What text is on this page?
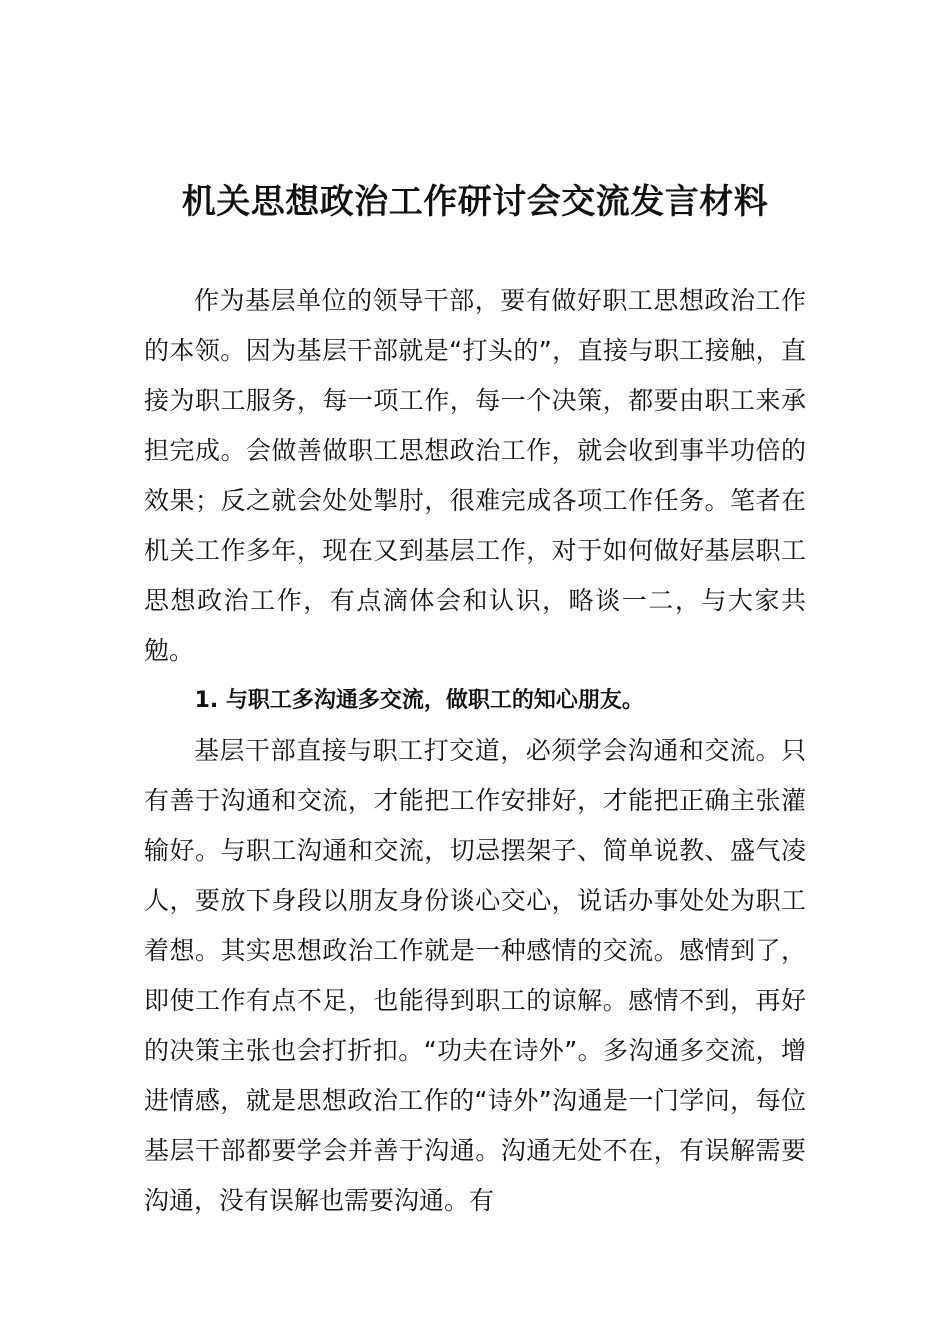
机关思想政治工作研讨会交流发言材料

作为基层单位的领导干部，要有做好职工思想政治工作的本领。因为基层干部就是“打头的”，直接与职工接触，直接为职工服务，每一项工作，每一个决策，都要由职工来承担完成。会做善做职工思想政治工作，就会收到事半功倍的效果；反之就会处处掣肘，很难完成各项工作任务。笔者在机关工作多年，现在又到基层工作，对于如何做好基层职工思想政治工作，有点滴体会和认识，略谈一二，与大家共勉。

1. 与职工多沟通多交流，做职工的知心朋友。

基层干部直接与职工打交道，必须学会沟通和交流。只有善于沟通和交流，才能把工作安排好，才能把正确主张灌输好。与职工沟通和交流，切忌摆架子、简单说教、盛气凌人，要放下身段以朋友身份谈心交心，说话办事处处为职工着想。其实思想政治工作就是一种感情的交流。感情到了，即使工作有点不足，也能得到职工的谅解。感情不到，再好的决策主张也会打折扣。“功夫在诗外”。多沟通多交流，增进情感，就是思想政治工作的“诗外”沟通是一门学问，每位基层干部都要学会并善于沟通。沟通无处不在，有误解需要沟通，没有误解也需要沟通。有
